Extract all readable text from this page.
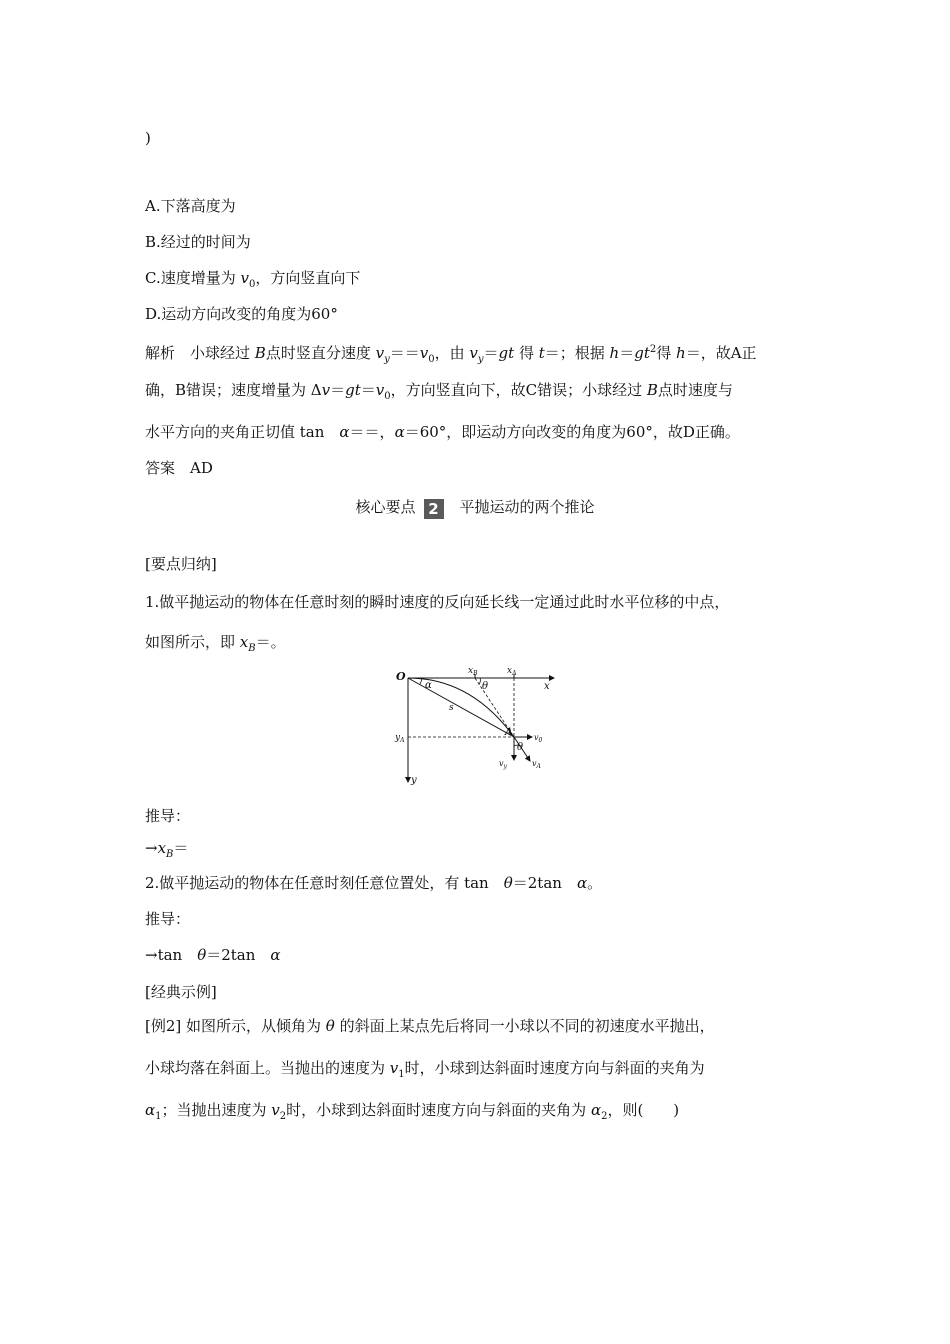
)
A.下落高度为
B.经过的时间为
C.速度增量为 $v_0$，方向竖直向下
D.运动方向改变的角度为60°
解析　小球经过 B点时竖直分速度 $v_y==v_0$，由 $v_y=gt$ 得 t＝；根据 $h=gt^2$得 h＝，故A正
确，B错误；速度增量为 $\Delta v=gt=v_0$，方向竖直向下，故C错误；小球经过 B点时速度与
水平方向的夹角正切值 tan　α＝＝，α＝60°，即运动方向改变的角度为60°，故D正确。
答案　AD
核心要点 2 平抛运动的两个推论
[要点归纳]
1.做平抛运动的物体在任意时刻的瞬时速度的反向延长线一定通过此时水平位移的中点，
如图所示，即 $x_B=$。
O
x
y
$x_B$	$x_A$
$y_A$
α	θ
s
A
θ
$v_0$
$v_y$	$v_A$
推导：
$\to x_B=$
2.做平抛运动的物体在任意时刻任意位置处，有 tan　θ＝2tan　α。
推导：
→tan　θ＝2tan　α
[经典示例]
[例2] 如图所示，从倾角为 θ 的斜面上某点先后将同一小球以不同的初速度水平抛出，
小球均落在斜面上。当抛出的速度为 $v_1$时，小球到达斜面时速度方向与斜面的夹角为
$\alpha_1$；当抛出速度为 $v_2$时，小球到达斜面时速度方向与斜面的夹角为 $\alpha_2$，则(　　)
